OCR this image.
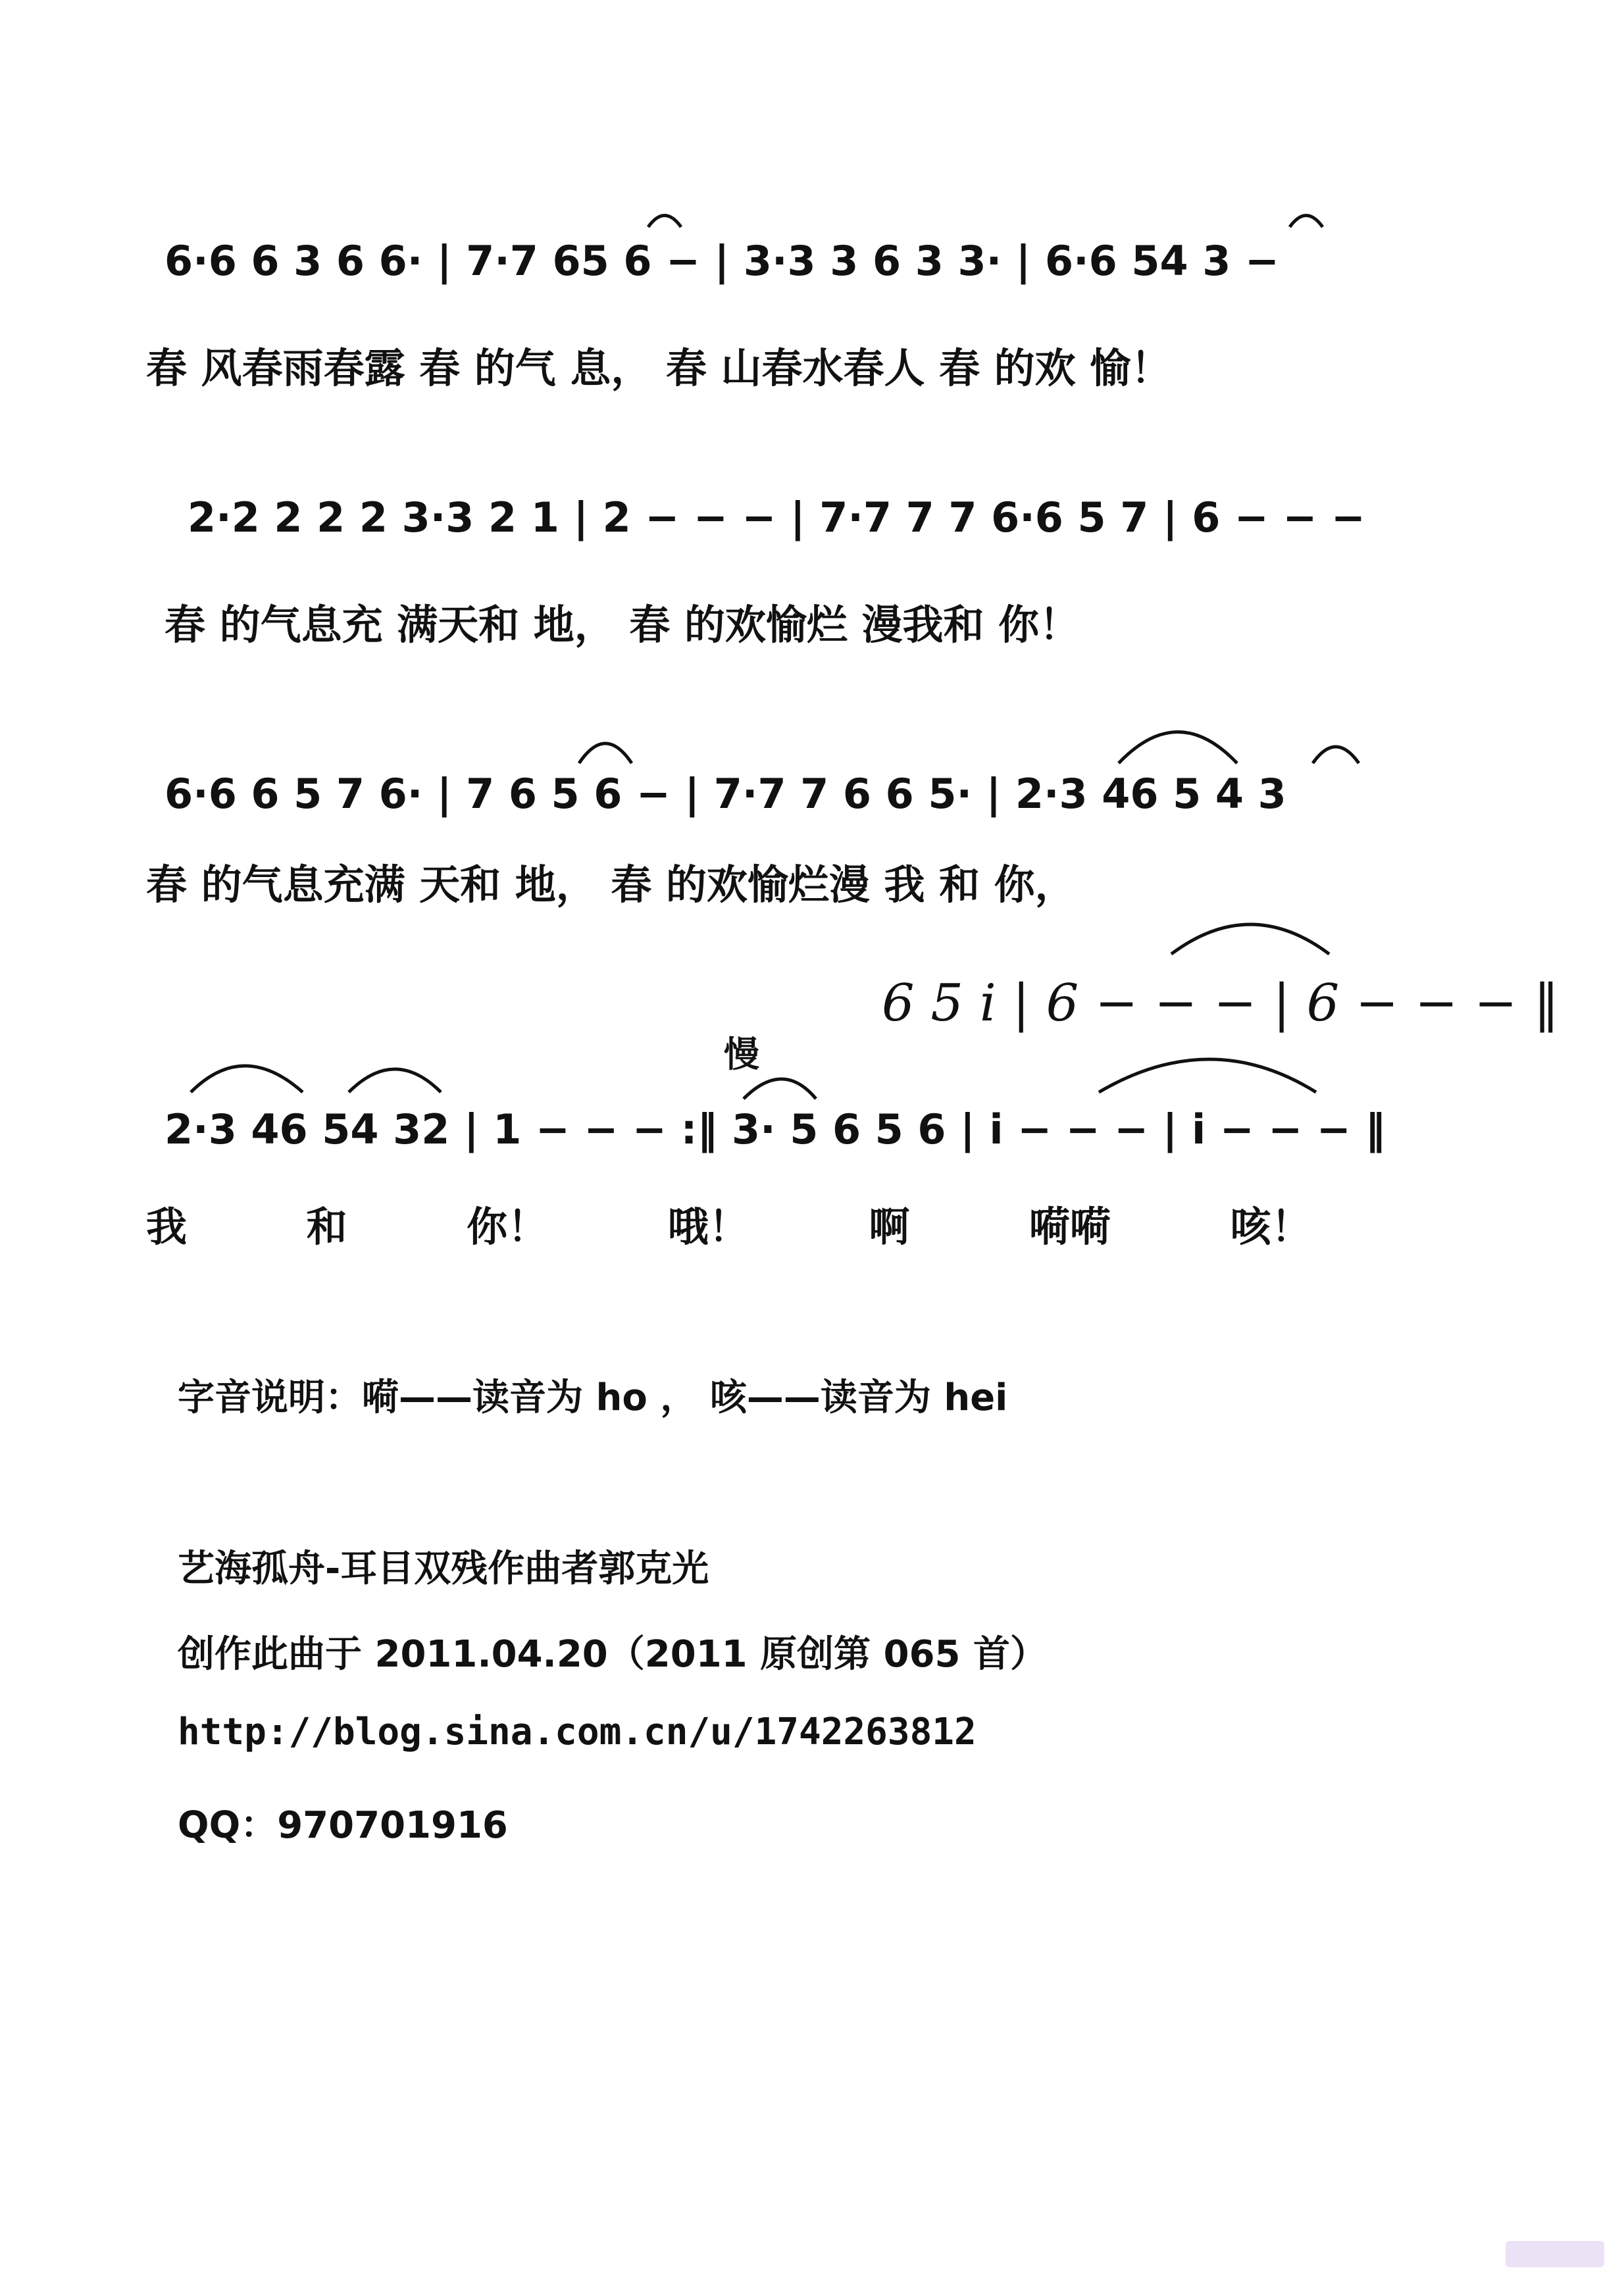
6·6 6 3 6 6· | 7·7 65 6 − | 3·3 3 6 3 3· | 6·6 54 3 −
春 风春雨春露 春 的气 息， 春 山春水春人 春 的欢 愉！
2·2 2 2 2 3·3 2 1 | 2 − − − | 7·7 7 7 6·6 5 7 | 6 − − −
春 的气息充 满天和 地， 春 的欢愉烂 漫我和 你！
6·6 6 5 7 6· | 7 6 5 6 − | 7·7 7 6 6 5· | 2·3 46 5 4 3
春 的气息充满 天和 地， 春 的欢愉烂漫 我 和 你，
6 5 i | 6 − − − | 6 − − − ‖
慢
2·3 46 54 32 | 1 − − − :‖ 3· 5 6 5 6 | i − − − | i − − − ‖
我 和 你！ 哦！ 啊 嗬嗬 咳！
字音说明：嗬——读音为 ho ， 咳——读音为 hei
艺海孤舟-耳目双残作曲者郭克光
创作此曲于 2011.04.20（2011 原创第 065 首）
http://blog.sina.com.cn/u/1742263812
QQ：970701916
